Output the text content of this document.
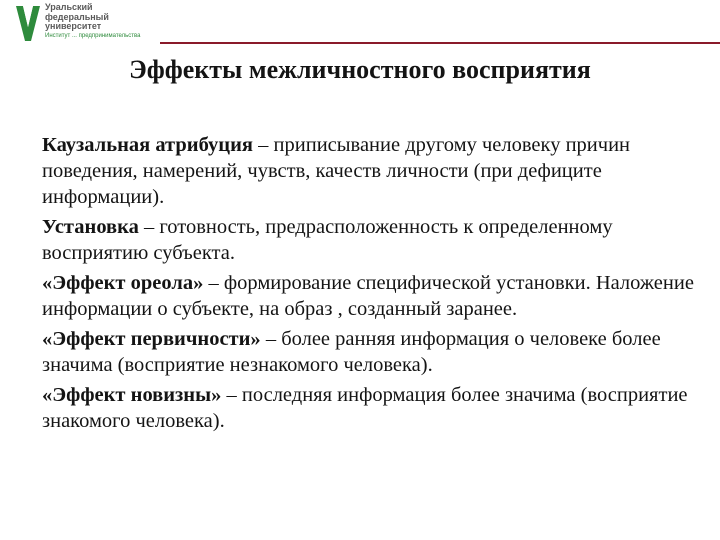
Уральский
федеральный
университет
Институт ... предпринимательства
Эффекты межличностного восприятия

Каузальная атрибуция – приписывание другому человеку причин поведения, намерений, чувств, качеств личности (при дефиците информации).

Установка – готовность, предрасположенность к определенному восприятию субъекта.

«Эффект ореола» – формирование специфической установки. Наложение информации о субъекте, на образ , созданный заранее.

«Эффект первичности» – более ранняя информация о человеке более значима (восприятие незнакомого человека).

«Эффект новизны» – последняя информация более значима (восприятие знакомого человека).
